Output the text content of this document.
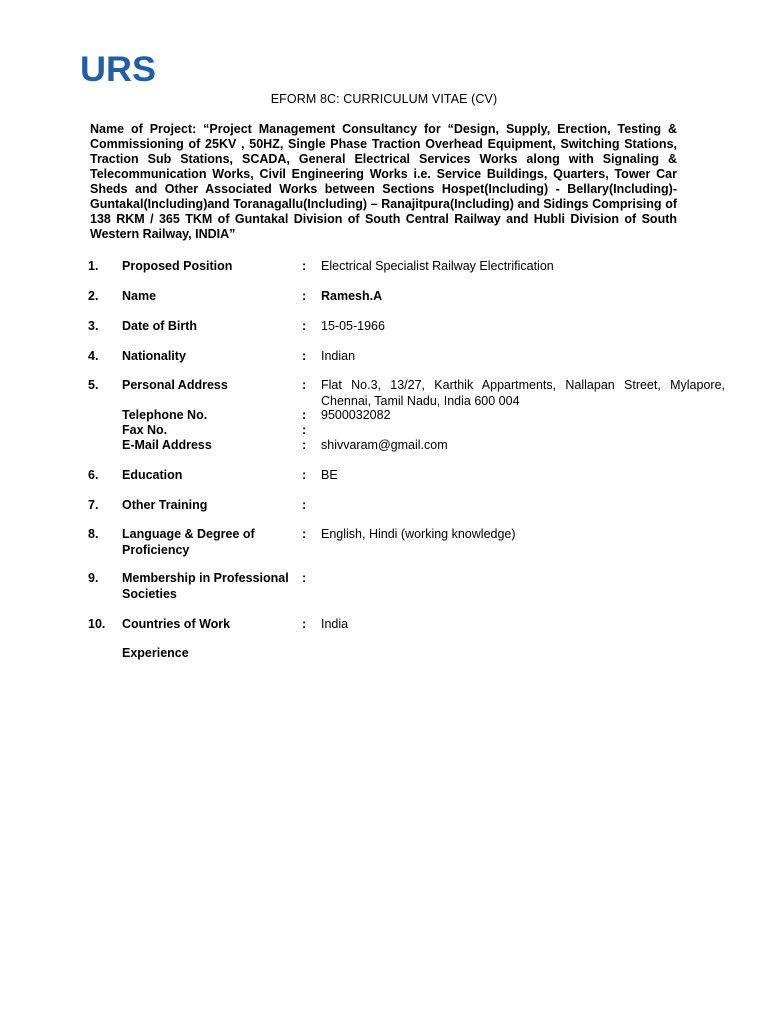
URS
EFORM 8C: CURRICULUM VITAE (CV)
Name of Project: “Project Management Consultancy for “Design, Supply, Erection, Testing & Commissioning of 25KV , 50HZ, Single Phase Traction Overhead Equipment, Switching Stations, Traction Sub Stations, SCADA, General Electrical Services Works along with Signaling & Telecommunication Works, Civil Engineering Works i.e. Service Buildings, Quarters, Tower Car Sheds and Other Associated Works between Sections Hospet(Including) - Bellary(Including)- Guntakal(Including)and Toranagallu(Including) – Ranajitpura(Including) and Sidings Comprising of 138 RKM / 365 TKM of Guntakal Division of South Central Railway and Hubli Division of South Western Railway, INDIA”
1. Proposed Position	: Electrical Specialist Railway Electrification
2. Name	: Ramesh.A
3. Date of Birth	: 15-05-1966
4. Nationality	: Indian
5. Personal Address	: Flat No.3, 13/27, Karthik Appartments, Nallapan Street, Mylapore,
Chennai, Tamil Nadu, India 600 004
Telephone No.	: 9500032082
Fax No.	:
E-Mail Address	: shivvaram@gmail.com
6. Education	: BE
7. Other Training	:
8. Language & Degree of	: English, Hindi (working knowledge)
Proficiency
9. Membership in Professional	:
Societies
10. Countries of Work	: India
Experience
